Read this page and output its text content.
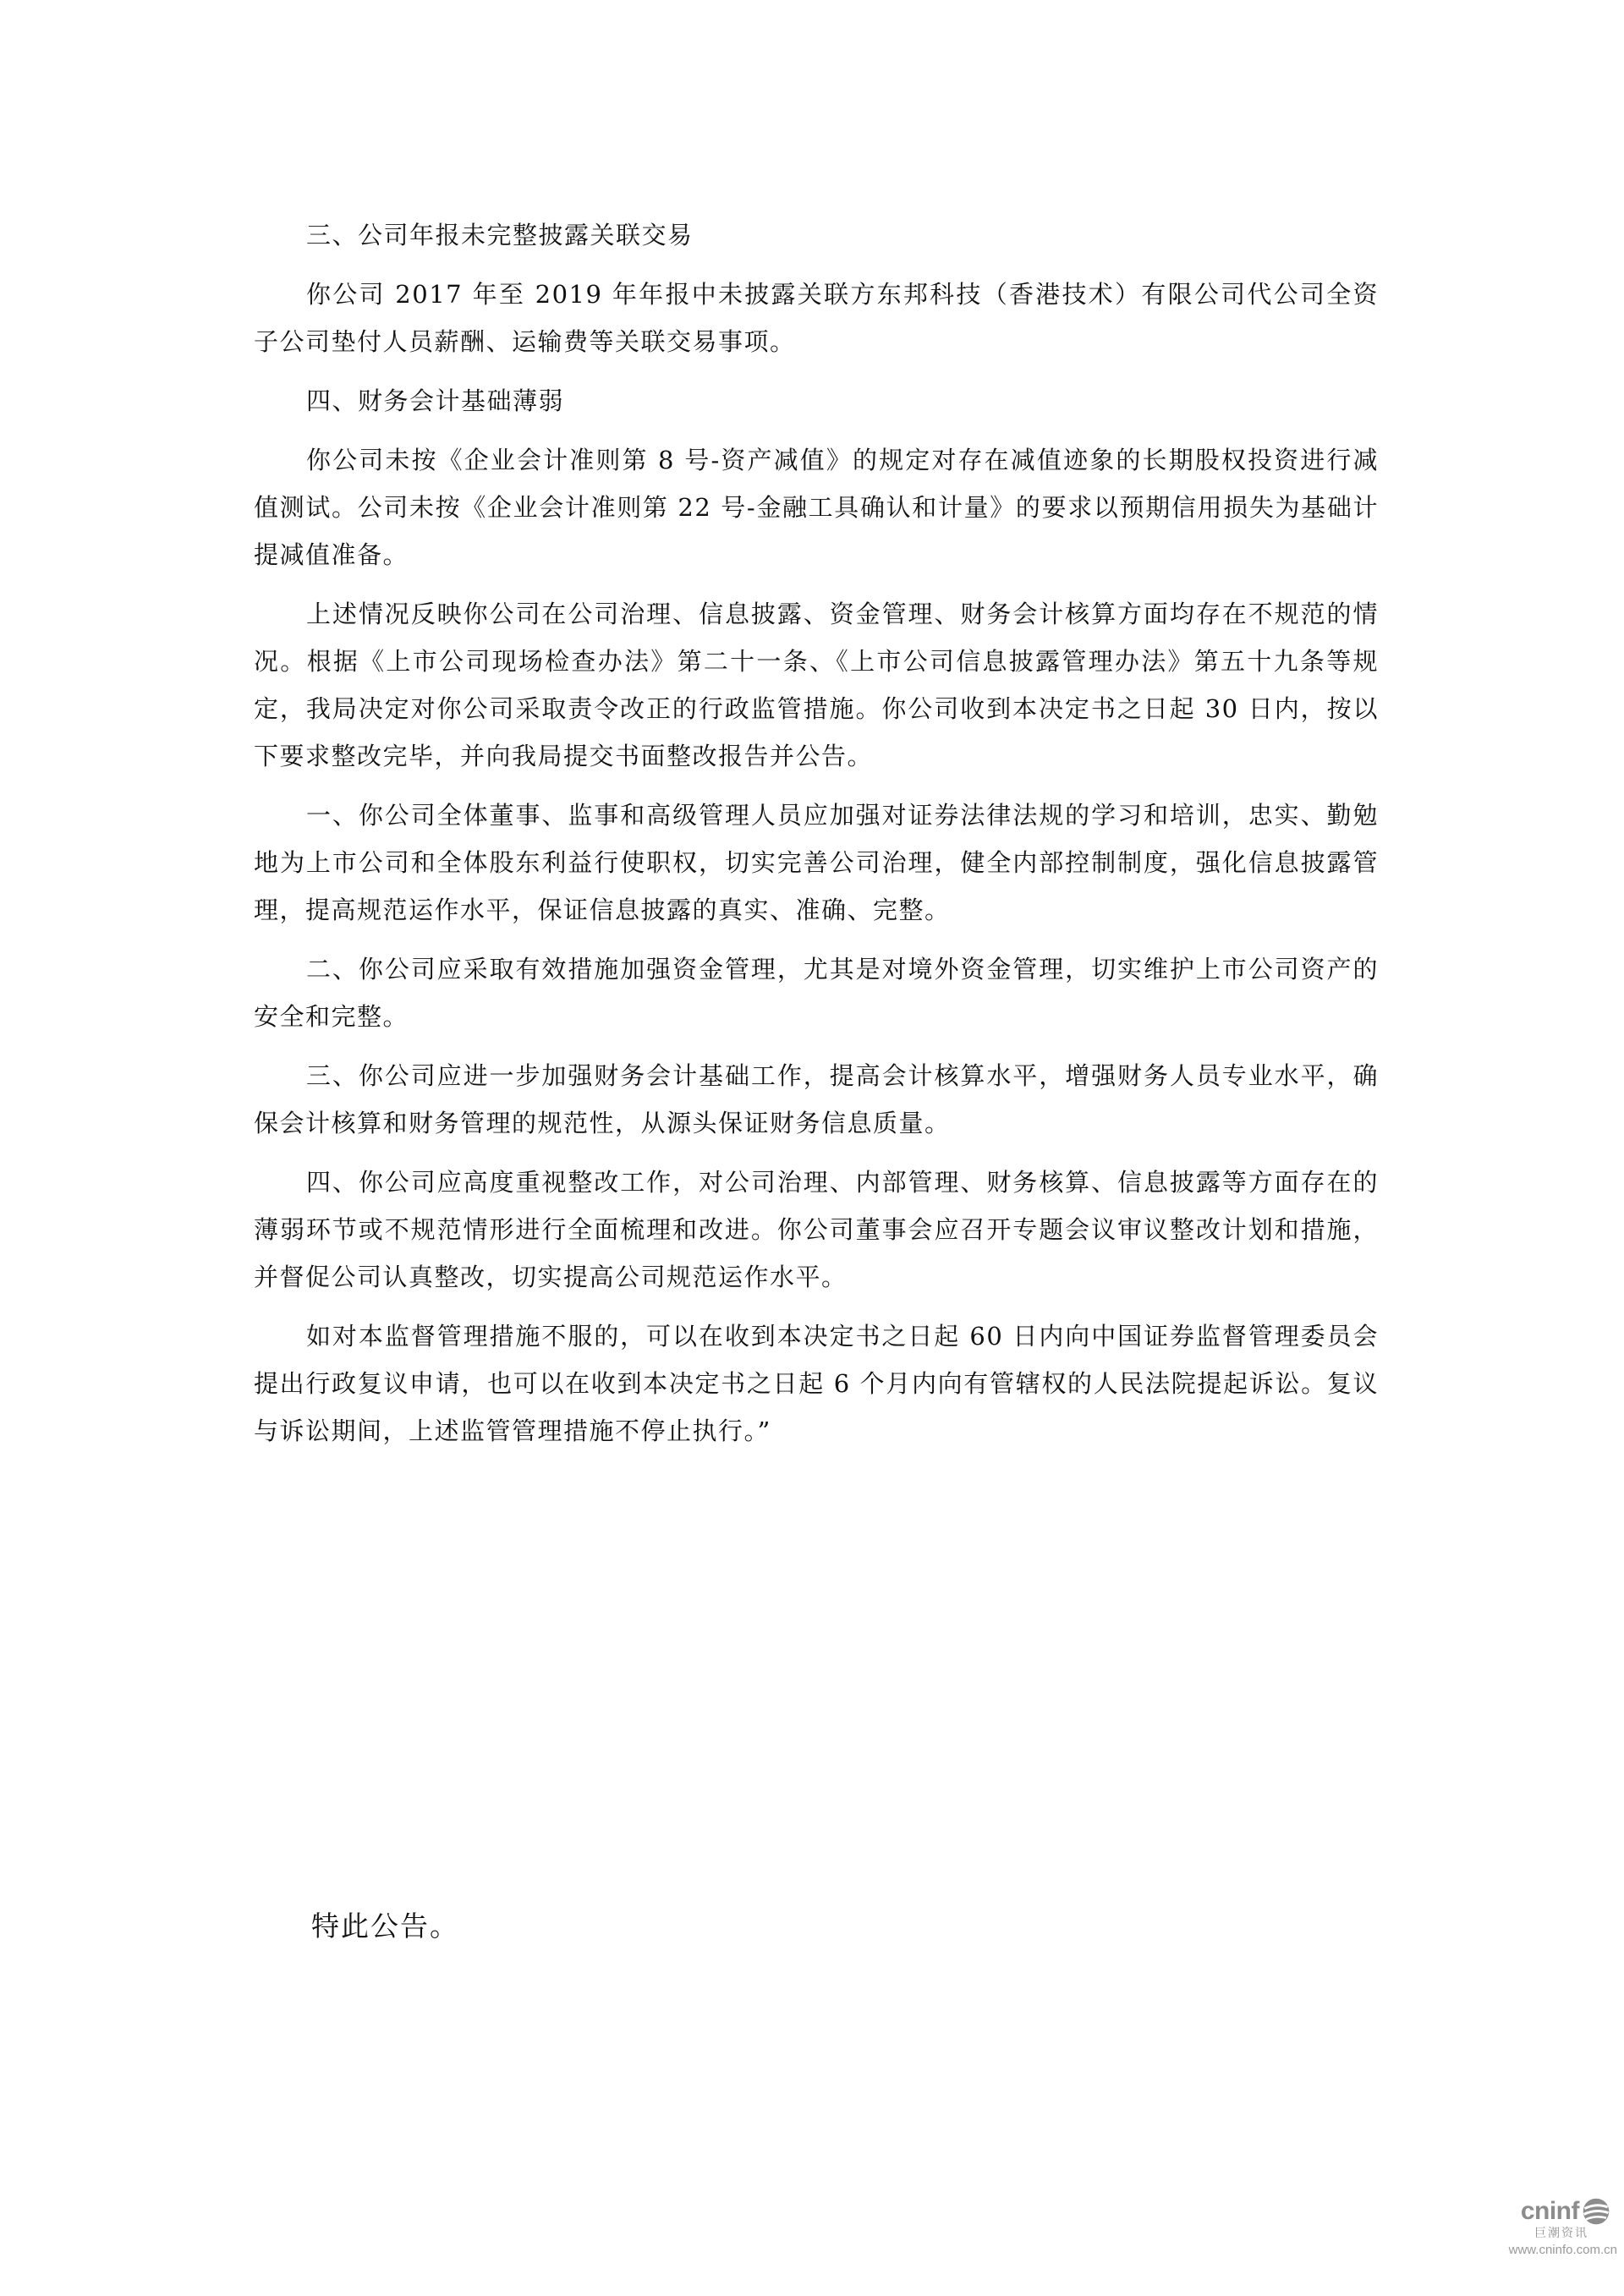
三、公司年报未完整披露关联交易

你公司 2017 年至 2019 年年报中未披露关联方东邦科技（香港技术）有限公司代公司全资子公司垫付人员薪酬、运输费等关联交易事项。

四、财务会计基础薄弱

你公司未按《企业会计准则第 8 号-资产减值》的规定对存在减值迹象的长期股权投资进行减值测试。公司未按《企业会计准则第 22 号-金融工具确认和计量》的要求以预期信用损失为基础计提减值准备。

上述情况反映你公司在公司治理、信息披露、资金管理、财务会计核算方面均存在不规范的情况。根据《上市公司现场检查办法》第二十一条、《上市公司信息披露管理办法》第五十九条等规定，我局决定对你公司采取责令改正的行政监管措施。你公司收到本决定书之日起 30 日内，按以下要求整改完毕，并向我局提交书面整改报告并公告。

一、你公司全体董事、监事和高级管理人员应加强对证券法律法规的学习和培训，忠实、勤勉地为上市公司和全体股东利益行使职权，切实完善公司治理，健全内部控制制度，强化信息披露管理，提高规范运作水平，保证信息披露的真实、准确、完整。

二、你公司应采取有效措施加强资金管理，尤其是对境外资金管理，切实维护上市公司资产的安全和完整。

三、你公司应进一步加强财务会计基础工作，提高会计核算水平，增强财务人员专业水平，确保会计核算和财务管理的规范性，从源头保证财务信息质量。

四、你公司应高度重视整改工作，对公司治理、内部管理、财务核算、信息披露等方面存在的薄弱环节或不规范情形进行全面梳理和改进。你公司董事会应召开专题会议审议整改计划和措施，并督促公司认真整改，切实提高公司规范运作水平。

如对本监督管理措施不服的，可以在收到本决定书之日起 60 日内向中国证券监督管理委员会提出行政复议申请，也可以在收到本决定书之日起 6 个月内向有管辖权的人民法院提起诉讼。复议与诉讼期间，上述监管管理措施不停止执行。”

特此公告。
cninf
巨潮资讯
www.cninfo.com.cn
